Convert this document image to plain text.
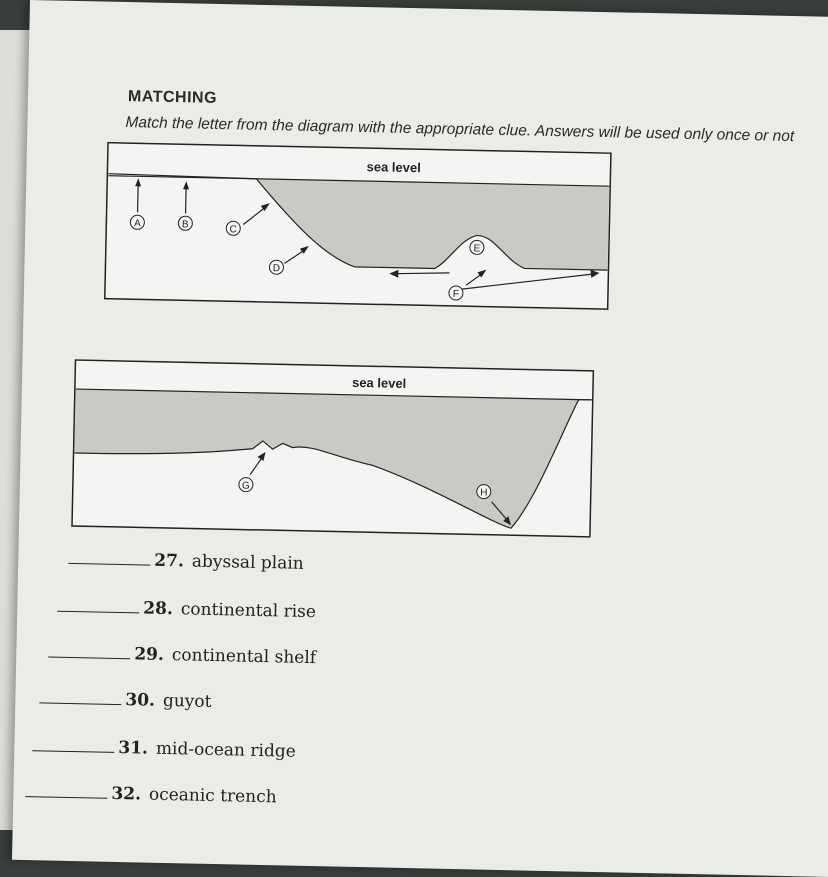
MATCHING
Match the letter from the diagram with the appropriate clue. Answers will be used only once or not
sea level
A	B	C
D
E
F
sea level
G
H
27. abyssal plain
28. continental rise
29. continental shelf
30. guyot
31. mid-ocean ridge
32. oceanic trench
